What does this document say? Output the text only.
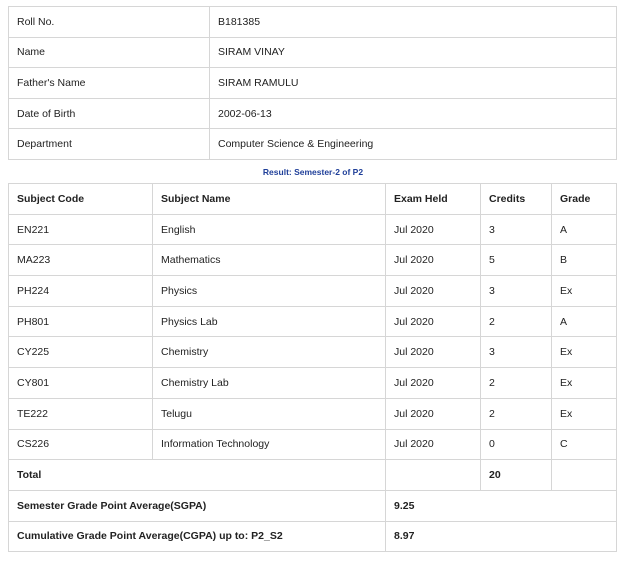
Roll No.	B181385
Name	SIRAM VINAY
Father's Name	SIRAM RAMULU
Date of Birth	2002-06-13
Department	Computer Science & Engineering
Result: Semester-2 of P2
Subject Code	Subject Name	Exam Held	Credits	Grade
EN221	English	Jul 2020	3	A
MA223	Mathematics	Jul 2020	5	B
PH224	Physics	Jul 2020	3	Ex
PH801	Physics Lab	Jul 2020	2	A
CY225	Chemistry	Jul 2020	3	Ex
CY801	Chemistry Lab	Jul 2020	2	Ex
TE222	Telugu	Jul 2020	2	Ex
CS226	Information Technology	Jul 2020	0	C
Total			20	
Semester Grade Point Average(SGPA)		9.25		
Cumulative Grade Point Average(CGPA) up to: P2_S2		8.97		
